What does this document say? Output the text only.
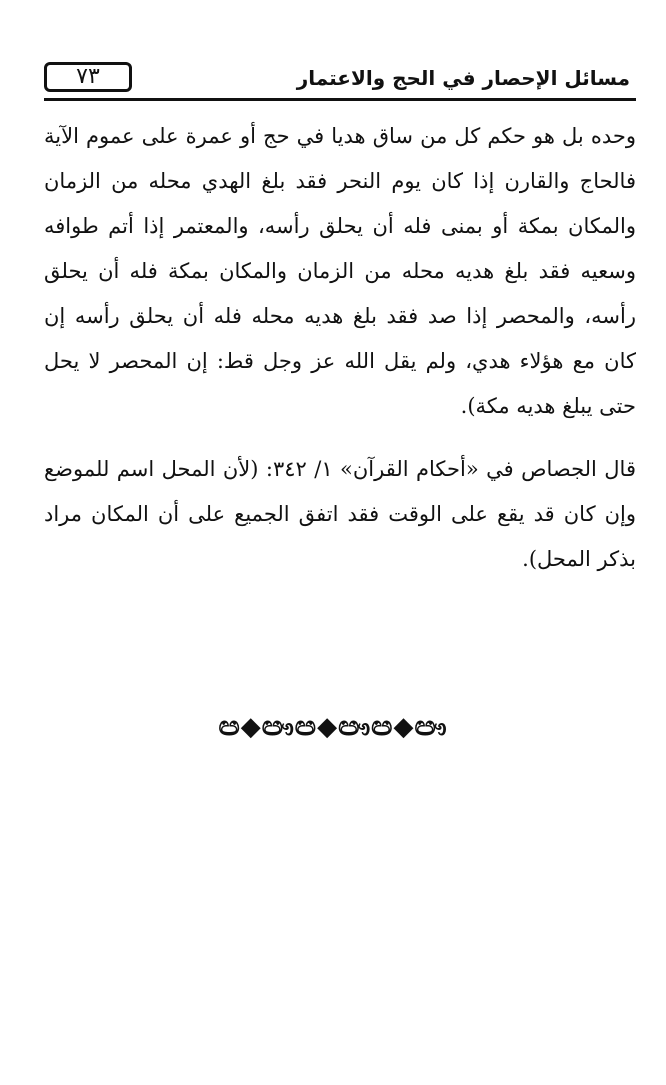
٧٣	مسائل الإحصار في الحج والاعتمار

وحده بل هو حكم كل من ساق هديا في حج أو عمرة على عموم الآية فالحاج والقارن إذا كان يوم النحر فقد بلغ الهدي محله من الزمان والمكان بمكة أو بمنى فله أن يحلق رأسه، والمعتمر إذا أتم طوافه وسعيه فقد بلغ هديه محله من الزمان والمكان بمكة فله أن يحلق رأسه، والمحصر إذا صد فقد بلغ هديه محله فله أن يحلق رأسه إن كان مع هؤلاء هدي، ولم يقل الله عز وجل قط: إن المحصر لا يحل حتى يبلغ هديه مكة).

قال الجصاص في «أحكام القرآن» ١/ ٣٤٢: (لأن المحل اسم للموضع وإن كان قد يقع على الوقت فقد اتفق الجميع على أن المكان مراد بذكر المحل).

ඏ◆ඐඏ◆ඐඏ◆ඐ
